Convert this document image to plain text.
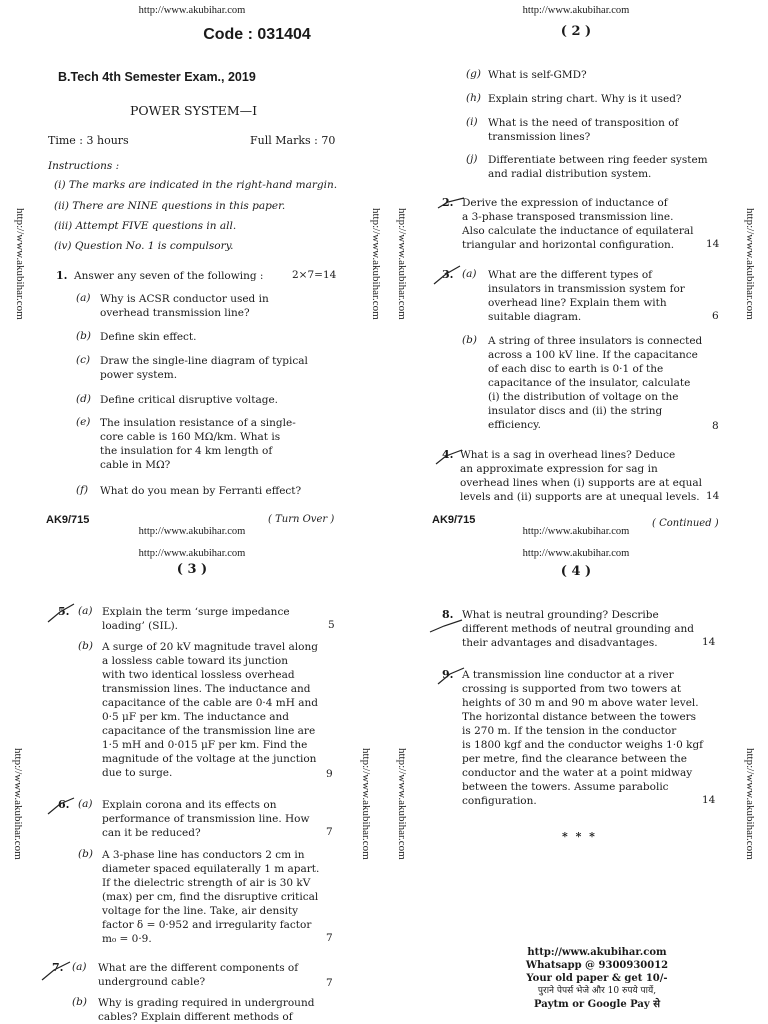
http://www.akubihar.com
Code : 031404
B.Tech 4th Semester Exam., 2019
POWER SYSTEM—I
Time : 3 hours	Full Marks : 70
Instructions :
(i) The marks are indicated in the right-hand margin.
(ii) There are NINE questions in this paper.
(iii) Attempt FIVE questions in all.
(iv) Question No. 1 is compulsory.
http://www.akubihar.com	http://www.akubihar.com
1. Answer any seven of the following :	2×7=14
(a) Why is ACSR conductor used in
overhead transmission line?
(b) Define skin effect.
(c) Draw the single-line diagram of typical
power system.
(d) Define critical disruptive voltage.
(e) The insulation resistance of a single-
core cable is 160 MΩ/km. What is
the insulation for 4 km length of
cable in MΩ?
(f) What do you mean by Ferranti effect?
AK9/715	( Turn Over )
http://www.akubihar.com
( 2 )
http://www.akubihar.com	http://www.akubihar.com
(g) What is self-GMD?
(h) Explain string chart. Why is it used?
(i) What is the need of transposition of
transmission lines?
(j) Differentiate between ring feeder system
and radial distribution system.
2. Derive the expression of inductance of
a 3-phase transposed transmission line.
Also calculate the inductance of equilateral
triangular and horizontal configuration.	14
3. (a) What are the different types of
insulators in transmission system for
overhead line? Explain them with
suitable diagram.	6
(b) A string of three insulators is connected
across a 100 kV line. If the capacitance
of each disc to earth is 0·1 of the
capacitance of the insulator, calculate
(i) the distribution of voltage on the
insulator discs and (ii) the string
efficiency.	8
4. What is a sag in overhead lines? Deduce
an approximate expression for sag in
overhead lines when (i) supports are at equal
levels and (ii) supports are at unequal levels. 14
AK9/715	( Continued )
http://www.akubihar.com
http://www.akubihar.com
( 3 )
http://www.akubihar.com	http://www.akubihar.com
5. (a) Explain the term ‘surge impedance
loading’ (SIL).	5
(b) A surge of 20 kV magnitude travel along
a lossless cable toward its junction
with two identical lossless overhead
transmission lines. The inductance and
capacitance of the cable are 0·4 mH and
0·5 μF per km. The inductance and
capacitance of the transmission line are
1·5 mH and 0·015 μF per km. Find the
magnitude of the voltage at the junction
due to surge.	9
6. (a) Explain corona and its effects on
performance of transmission line. How
can it be reduced?	7
(b) A 3-phase line has conductors 2 cm in
diameter spaced equilaterally 1 m apart.
If the dielectric strength of air is 30 kV
(max) per cm, find the disruptive critical
voltage for the line. Take, air density
factor δ = 0·952 and irregularity factor
m₀ = 0·9.	7
7. (a) What are the different components of
underground cable?	7
(b) Why is grading required in underground
cables? Explain different methods of
http://www.akubihar.com
http://www.akubihar.com
( 4 )
http://www.akubihar.com	http://www.akubihar.com
8. What is neutral grounding? Describe
different methods of neutral grounding and
their advantages and disadvantages.	14
9. A transmission line conductor at a river
crossing is supported from two towers at
heights of 30 m and 90 m above water level.
The horizontal distance between the towers
is 270 m. If the tension in the conductor
is 1800 kgf and the conductor weighs 1·0 kgf
per metre, find the clearance between the
conductor and the water at a point midway
between the towers. Assume parabolic
configuration.	14
* * *
http://www.akubihar.com
Whatsapp @ 9300930012
Your old paper & get 10/-
पुराने पेपर्स भेजे और 10 रुपये पायें,
Paytm or Google Pay से
